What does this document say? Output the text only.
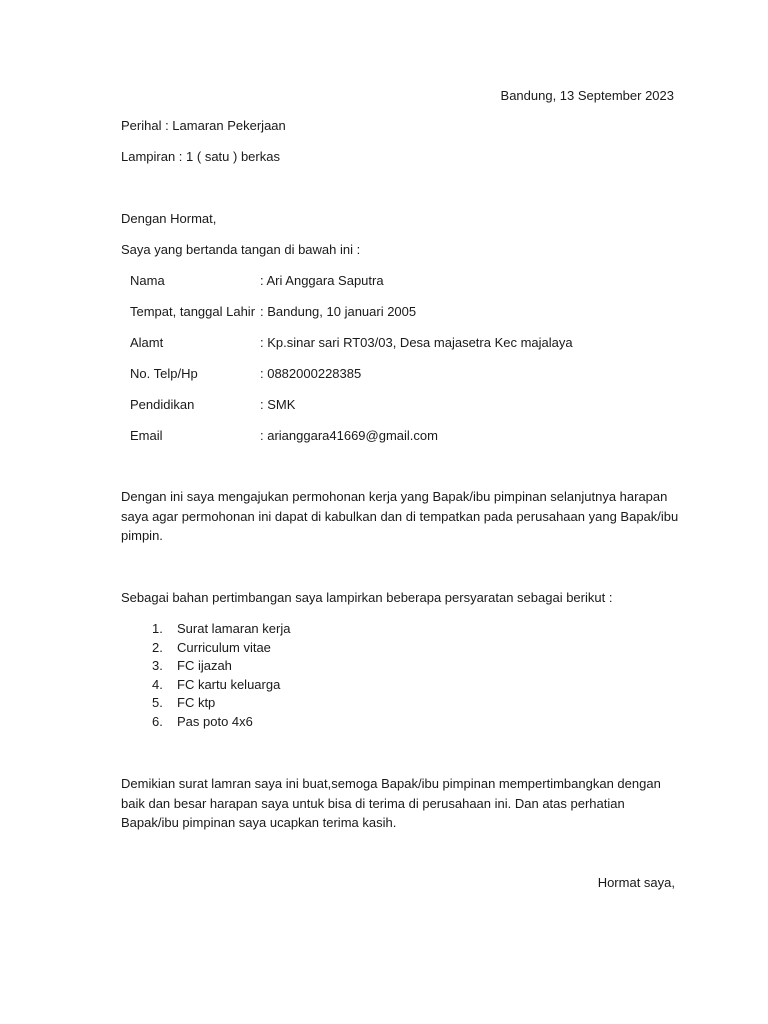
Bandung, 13 September 2023
Perihal : Lamaran Pekerjaan
Lampiran : 1 ( satu ) berkas
Dengan Hormat,
Saya yang bertanda tangan di bawah ini :
Nama	: Ari Anggara Saputra
Tempat, tanggal Lahir : Bandung, 10 januari 2005
Alamt	: Kp.sinar sari RT03/03, Desa majasetra Kec majalaya
No. Telp/Hp	: 0882000228385
Pendidikan	: SMK
Email	: arianggara41669@gmail.com

Dengan ini saya mengajukan permohonan kerja yang Bapak/ibu pimpinan selanjutnya harapan saya agar permohonan ini dapat di kabulkan dan di tempatkan pada perusahaan yang Bapak/ibu pimpin.

Sebagai bahan pertimbangan saya lampirkan beberapa persyaratan sebagai berikut :
1. Surat lamaran kerja
2. Curriculum vitae
3. FC ijazah
4. FC kartu keluarga
5. FC ktp
6. Pas poto 4x6

Demikian surat lamran saya ini buat,semoga Bapak/ibu pimpinan mempertimbangkan dengan baik dan besar harapan saya untuk bisa di terima di perusahaan ini. Dan atas perhatian Bapak/ibu pimpinan saya ucapkan terima kasih.

Hormat saya,
